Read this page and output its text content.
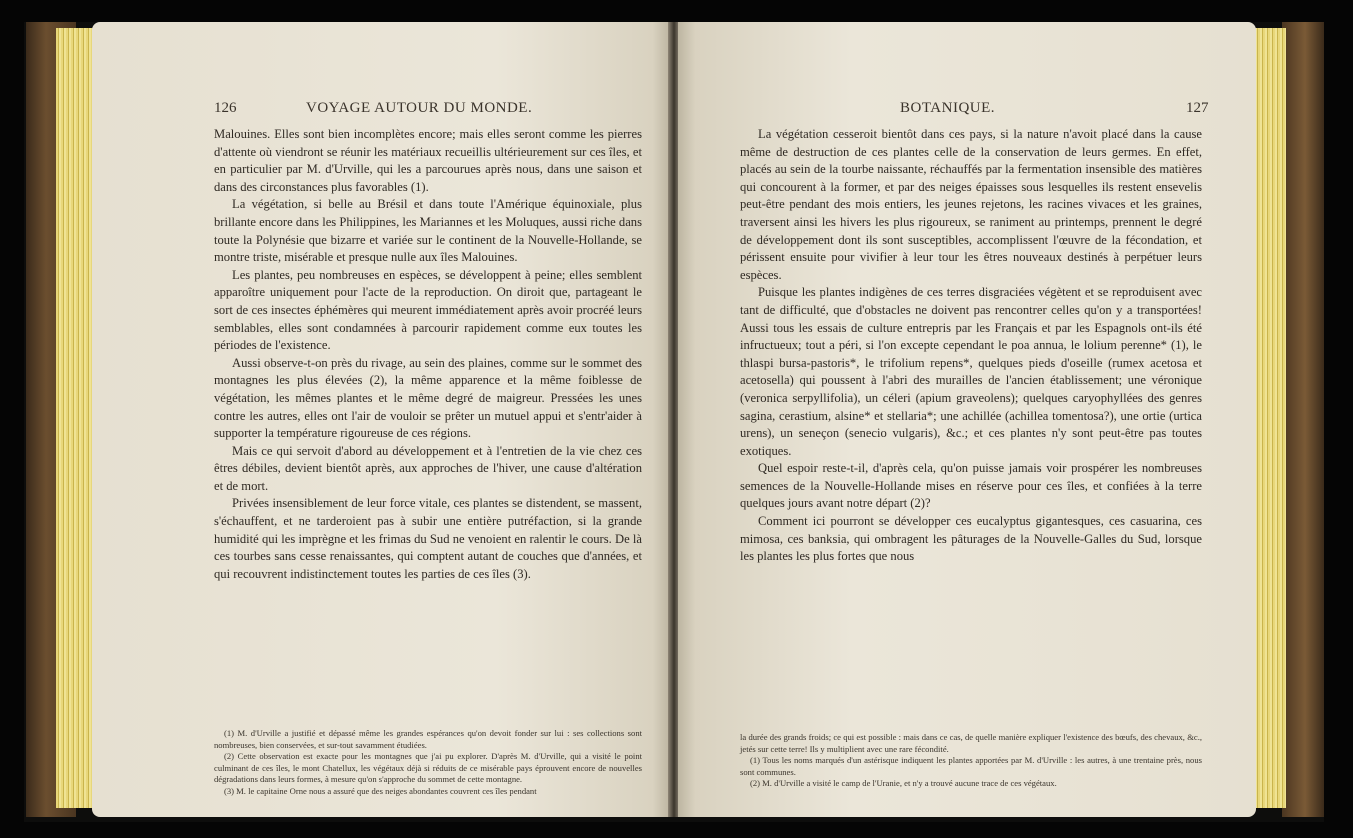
126	VOYAGE AUTOUR DU MONDE.

Malouines. Elles sont bien incomplètes encore; mais elles seront comme les pierres d'attente où viendront se réunir les matériaux recueillis ultérieurement sur ces îles, et en particulier par M. d'Urville, qui les a parcourues après nous, dans une saison et dans des circonstances plus favorables (1).

La végétation, si belle au Brésil et dans toute l'Amérique équinoxiale, plus brillante encore dans les Philippines, les Mariannes et les Moluques, aussi riche dans toute la Polynésie que bizarre et variée sur le continent de la Nouvelle-Hollande, se montre triste, misérable et presque nulle aux îles Malouines.

Les plantes, peu nombreuses en espèces, se développent à peine; elles semblent apparoître uniquement pour l'acte de la reproduction. On diroit que, partageant le sort de ces insectes éphémères qui meurent immédiatement après avoir procréé leurs semblables, elles sont condamnées à parcourir rapidement comme eux toutes les périodes de l'existence.

Aussi observe-t-on près du rivage, au sein des plaines, comme sur le sommet des montagnes les plus élevées (2), la même apparence et la même foiblesse de végétation, les mêmes plantes et le même degré de maigreur. Pressées les unes contre les autres, elles ont l'air de vouloir se prêter un mutuel appui et s'entr'aider à supporter la température rigoureuse de ces régions.

Mais ce qui servoit d'abord au développement et à l'entretien de la vie chez ces êtres débiles, devient bientôt après, aux approches de l'hiver, une cause d'altération et de mort.

Privées insensiblement de leur force vitale, ces plantes se distendent, se massent, s'échauffent, et ne tarderoient pas à subir une entière putréfaction, si la grande humidité qui les imprègne et les frimas du Sud ne venoient en ralentir le cours. De là ces tourbes sans cesse renaissantes, qui comptent autant de couches que d'années, et qui recouvrent indistinctement toutes les parties de ces îles (3).

(1) M. d'Urville a justifié et dépassé même les grandes espérances qu'on devoit fonder sur lui : ses collections sont nombreuses, bien conservées, et sur-tout savamment étudiées.

(2) Cette observation est exacte pour les montagnes que j'ai pu explorer. D'après M. d'Urville, qui a visité le point culminant de ces îles, le mont Chatellux, les végétaux déjà si réduits de ce misérable pays éprouvent encore de nouvelles dégradations dans leurs formes, à mesure qu'on s'approche du sommet de cette montagne.

(3) M. le capitaine Orne nous a assuré que des neiges abondantes couvrent ces îles pendant

BOTANIQUE.	127

La végétation cesseroit bientôt dans ces pays, si la nature n'avoit placé dans la cause même de destruction de ces plantes celle de la conservation de leurs germes. En effet, placés au sein de la tourbe naissante, réchauffés par la fermentation insensible des matières qui concourent à la former, et par des neiges épaisses sous lesquelles ils restent ensevelis peut-être pendant des mois entiers, les jeunes rejetons, les racines vivaces et les graines, traversent ainsi les hivers les plus rigoureux, se raniment au printemps, prennent le degré de développement dont ils sont susceptibles, accomplissent l'œuvre de la fécondation, et périssent ensuite pour vivifier à leur tour les êtres nouveaux destinés à perpétuer leurs espèces.

Puisque les plantes indigènes de ces terres disgraciées végètent et se reproduisent avec tant de difficulté, que d'obstacles ne doivent pas rencontrer celles qu'on y a transportées! Aussi tous les essais de culture entrepris par les Français et par les Espagnols ont-ils été infructueux; tout a péri, si l'on excepte cependant le poa annua, le lolium perenne* (1), le thlaspi bursa-pastoris*, le trifolium repens*, quelques pieds d'oseille (rumex acetosa et acetosella) qui poussent à l'abri des murailles de l'ancien établissement; une véronique (veronica serpyllifolia), un céleri (apium graveolens); quelques caryophyllées des genres sagina, cerastium, alsine* et stellaria*; une achillée (achillea tomentosa?), une ortie (urtica urens), un seneçon (senecio vulgaris), &c.; et ces plantes n'y sont peut-être pas toutes exotiques.

Quel espoir reste-t-il, d'après cela, qu'on puisse jamais voir prospérer les nombreuses semences de la Nouvelle-Hollande mises en réserve pour ces îles, et confiées à la terre quelques jours avant notre départ (2)?

Comment ici pourront se développer ces eucalyptus gigantesques, ces casuarina, ces mimosa, ces banksia, qui ombragent les pâturages de la Nouvelle-Galles du Sud, lorsque les plantes les plus fortes que nous

la durée des grands froids; ce qui est possible : mais dans ce cas, de quelle manière expliquer l'existence des bœufs, des chevaux, &c., jetés sur cette terre! Ils y multiplient avec une rare fécondité.

(1) Tous les noms marqués d'un astérisque indiquent les plantes apportées par M. d'Urville : les autres, à une trentaine près, nous sont communes.

(2) M. d'Urville a visité le camp de l'Uranie, et n'y a trouvé aucune trace de ces végétaux.
